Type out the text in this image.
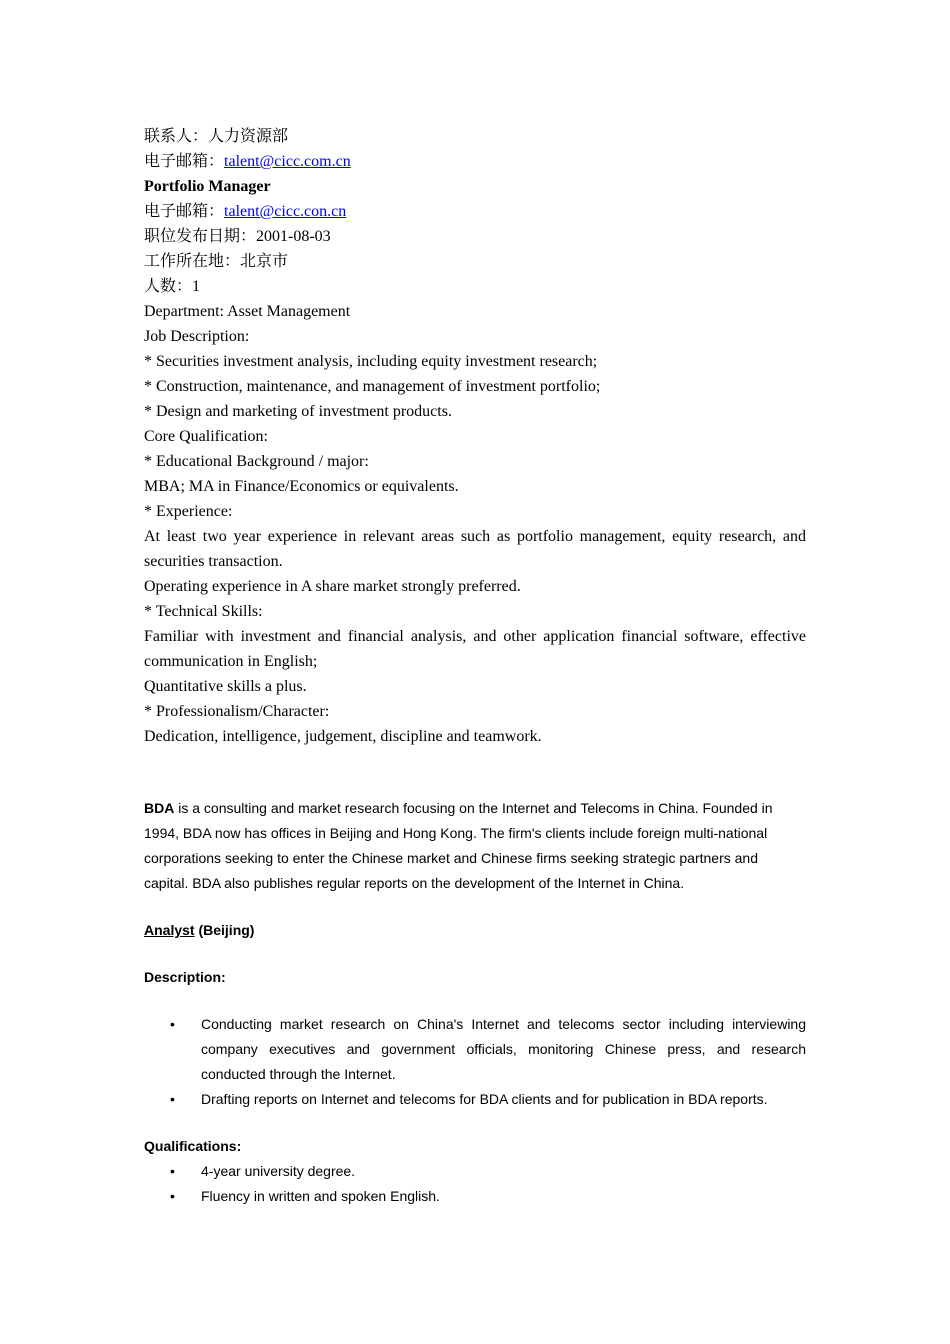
联系人：人力资源部

电子邮箱：talent@cicc.com.cn

Portfolio Manager

电子邮箱：talent@cicc.con.cn

职位发布日期：2001-08-03

工作所在地：北京市

人数：1

Department: Asset Management

Job Description:

* Securities investment analysis, including equity investment research;

* Construction, maintenance, and management of investment portfolio;

* Design and marketing of investment products.

Core Qualification:

* Educational Background / major:

MBA; MA in Finance/Economics or equivalents.

* Experience:

At least two year experience in relevant areas such as portfolio management, equity research, and securities transaction.

Operating experience in A share market strongly preferred.

* Technical Skills:

Familiar with investment and financial analysis, and other application financial software, effective communication in English;

Quantitative skills a plus.

* Professionalism/Character:

Dedication, intelligence, judgement, discipline and teamwork.

BDA is a consulting and market research focusing on the Internet and Telecoms in China. Founded in 1994, BDA now has offices in Beijing and Hong Kong. The firm's clients include foreign multi-national corporations seeking to enter the Chinese market and Chinese firms seeking strategic partners and capital. BDA also publishes regular reports on the development of the Internet in China.

Analyst (Beijing)

Description:

• Conducting market research on China's Internet and telecoms sector including interviewing company executives and government officials, monitoring Chinese press, and research conducted through the Internet.
• Drafting reports on Internet and telecoms for BDA clients and for publication in BDA reports.

Qualifications:

• 4-year university degree.
• Fluency in written and spoken English.
